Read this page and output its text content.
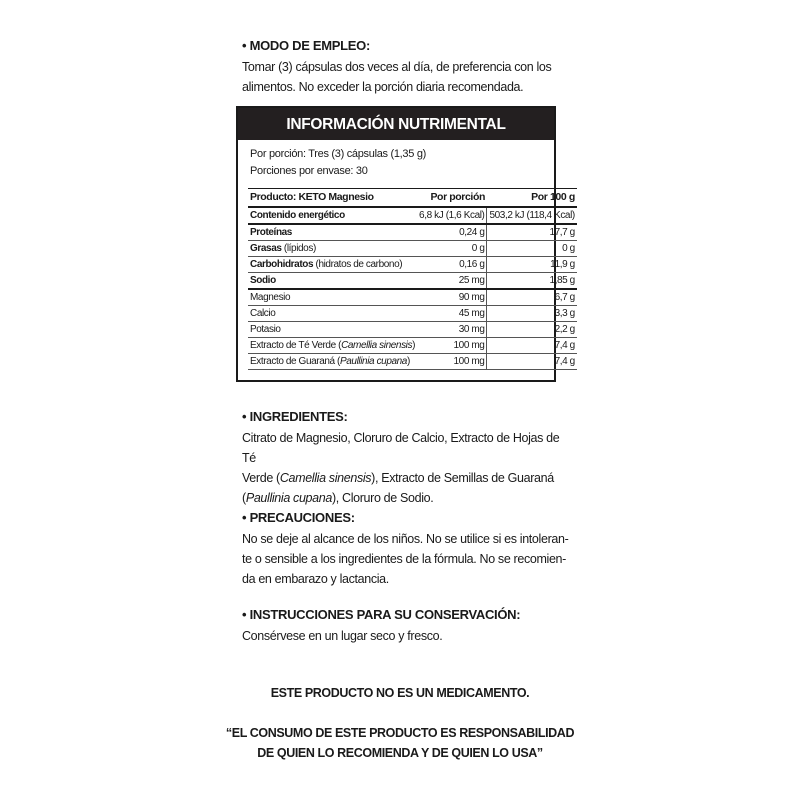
• MODO DE EMPLEO:

Tomar (3) cápsulas dos veces al día, de preferencia con los

alimentos. No exceder la porción diaria recomendada.

INFORMACIÓN NUTRIMENTAL
Por porción: Tres (3) cápsulas (1,35 g)
Porciones por envase: 30
Producto: KETO Magnesio	Por porción	Por 100 g
Contenido energético	6,8 kJ (1,6 Kcal)	503,2 kJ (118,4 Kcal)
Proteínas	0,24 g	17,7 g
Grasas (lípidos)	0 g	0 g
Carbohidratos (hidratos de carbono)	0,16 g	11,9 g
Sodio	25 mg	1,85 g
Magnesio	90 mg	6,7 g
Calcio	45 mg	3,3 g
Potasio	30 mg	2,2 g
Extracto de Té Verde (Camellia sinensis)	100 mg	7,4 g
Extracto de Guaraná (Paullinia cupana)	100 mg	7,4 g

• INGREDIENTES:

Citrato de Magnesio, Cloruro de Calcio, Extracto de Hojas de Té

Verde (Camellia sinensis), Extracto de Semillas de Guaraná

(Paullinia cupana), Cloruro de Sodio.

• PRECAUCIONES:

No se deje al alcance de los niños. No se utilice si es intoleran-

te o sensible a los ingredientes de la fórmula. No se recomien-

da en embarazo y lactancia.

• INSTRUCCIONES PARA SU CONSERVACIÓN:

Consérvese en un lugar seco y fresco.

ESTE PRODUCTO NO ES UN MEDICAMENTO.
“EL CONSUMO DE ESTE PRODUCTO ES RESPONSABILIDAD
DE QUIEN LO RECOMIENDA Y DE QUIEN LO USA”
